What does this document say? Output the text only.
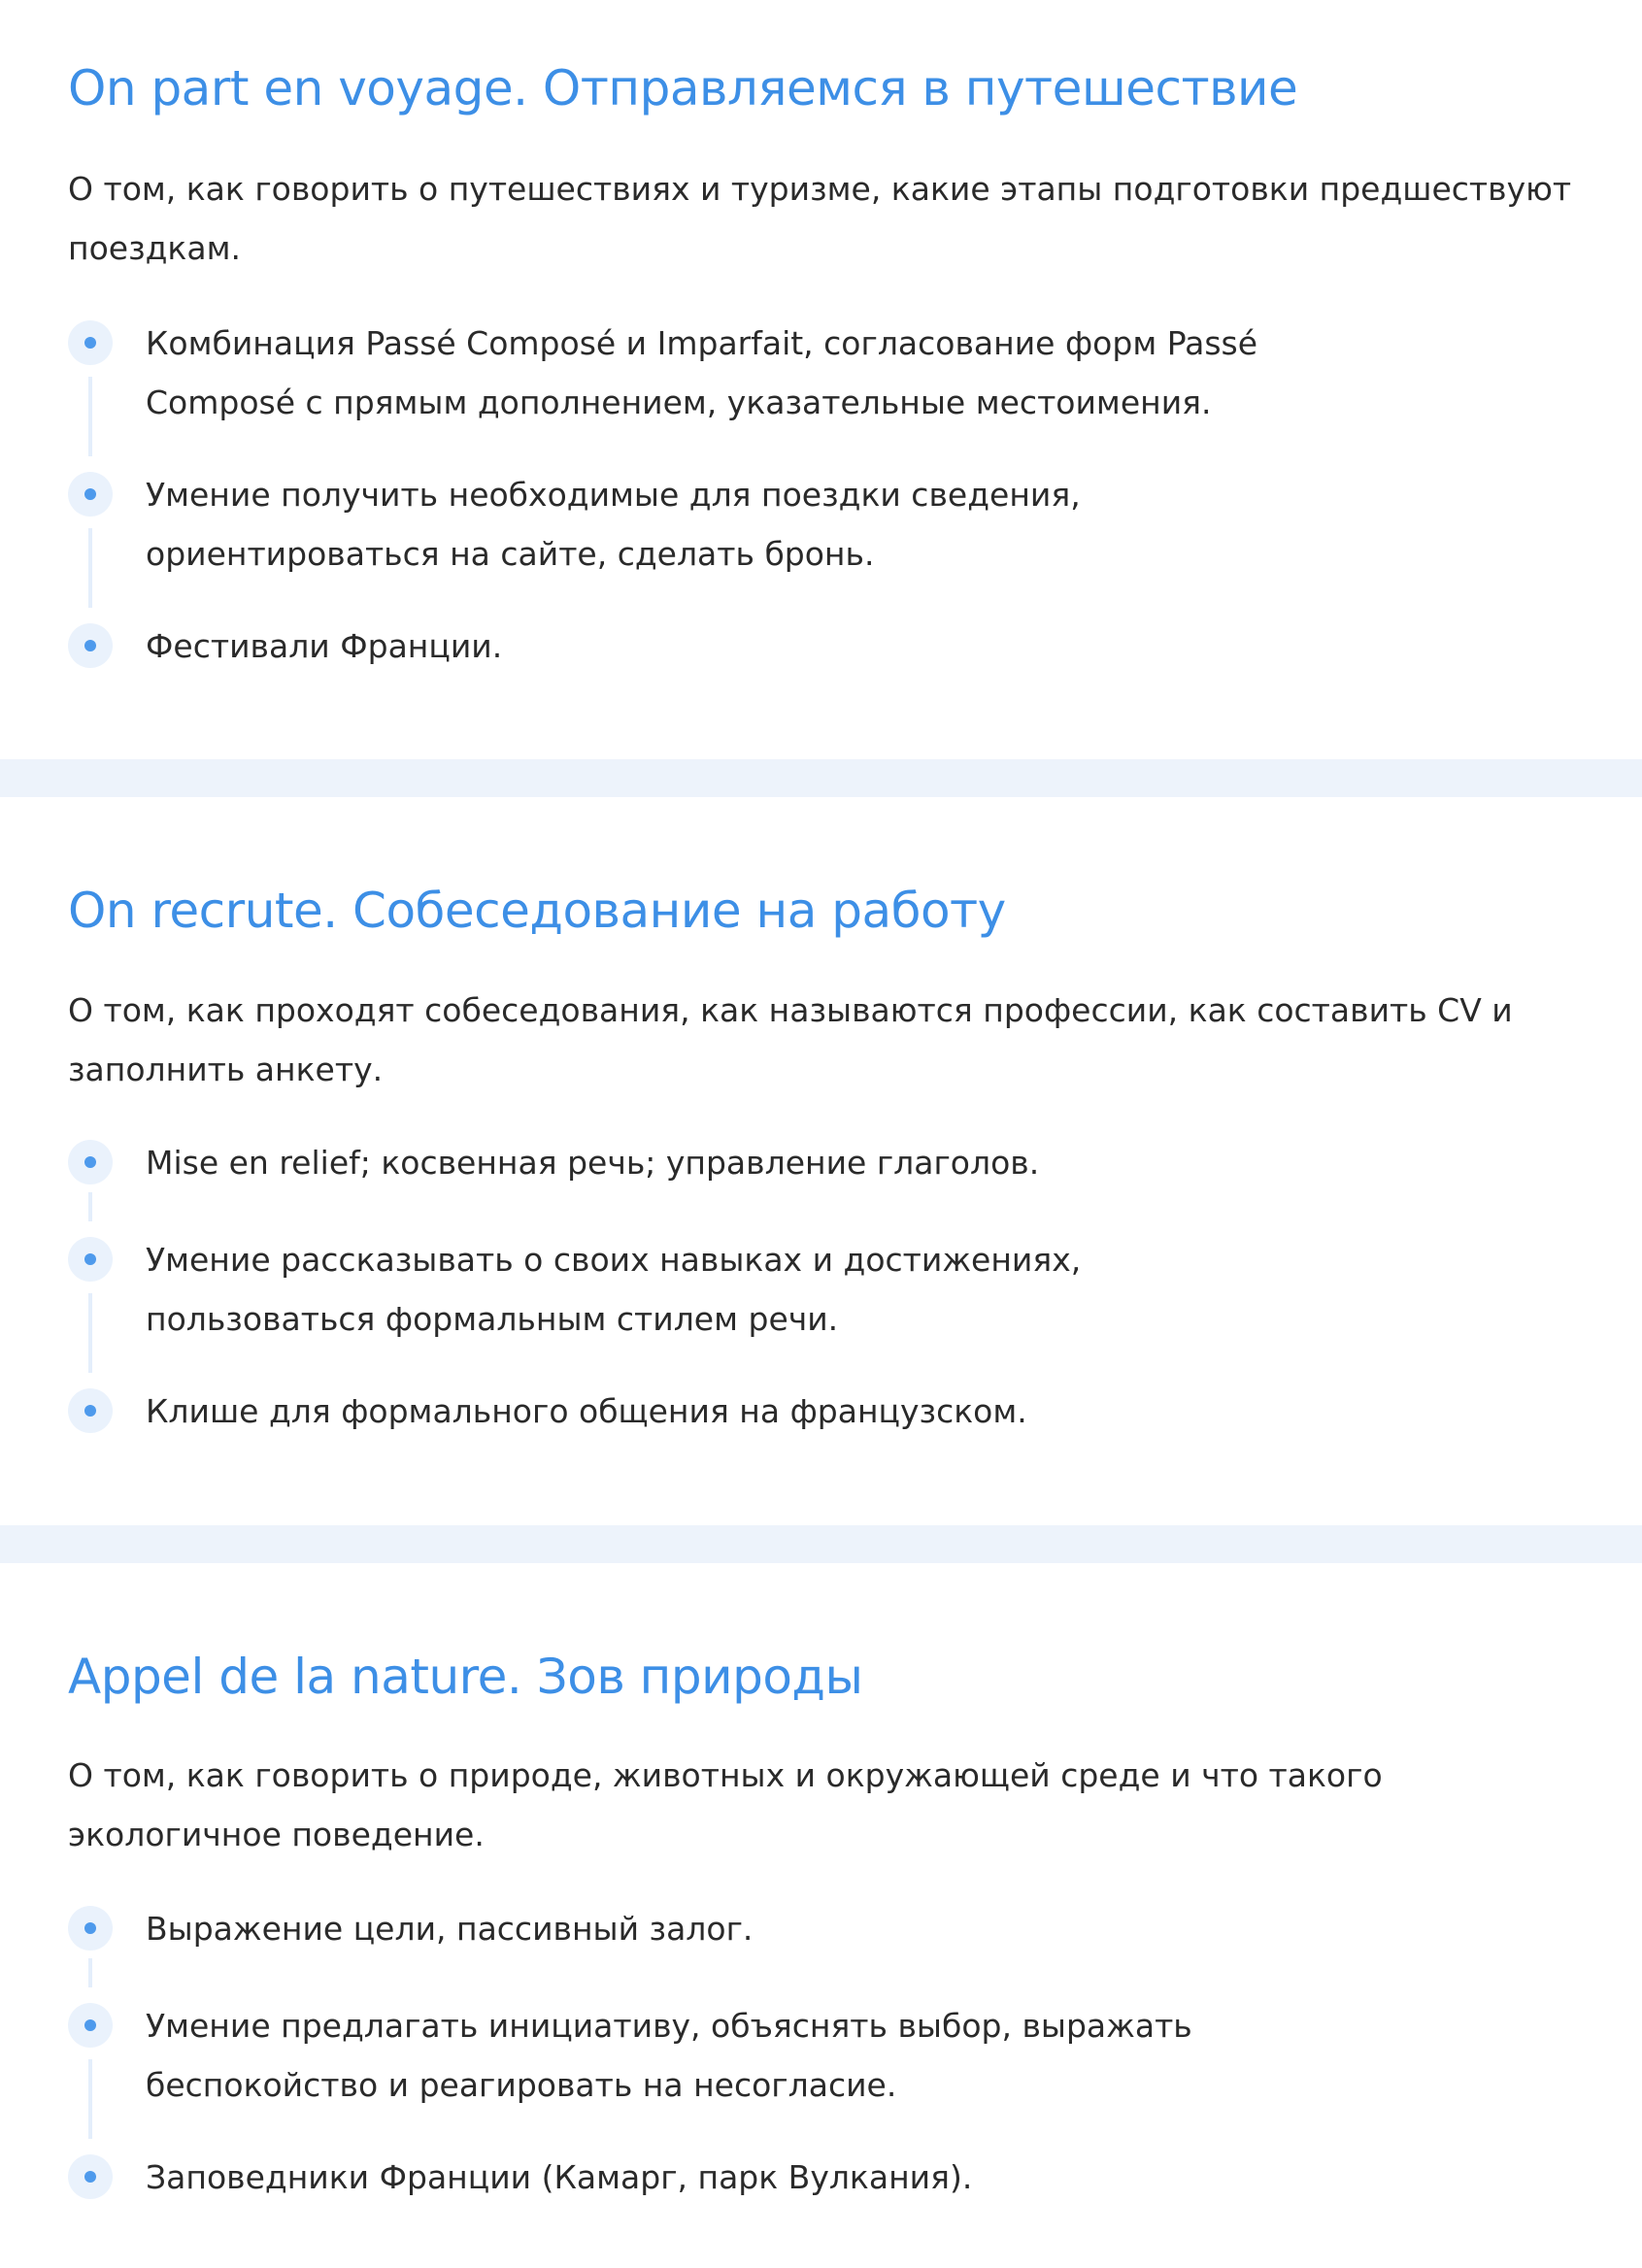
On part en voyage. Отправляемся в путешествие

О том, как говорить о путешествиях и туризме, какие этапы подготовки предшествуют
поездкам.

Комбинация Passé Composé и Imparfait, согласование форм Passé
Composé с прямым дополнением, указательные местоимения.
Умение получить необходимые для поездки сведения,
ориентироваться на сайте, сделать бронь.
Фестивали Франции.
On recrute. Собеседование на работу

О том, как проходят собеседования, как называются профессии, как составить CV и
заполнить анкету.

Mise en relief; косвенная речь; управление глаголов.
Умение рассказывать о своих навыках и достижениях,
пользоваться формальным стилем речи.
Клише для формального общения на французском.
Appel de la nature. Зов природы

О том, как говорить о природе, животных и окружающей среде и что такого
экологичное поведение.

Выражение цели, пассивный залог.
Умение предлагать инициативу, объяснять выбор, выражать
беспокойство и реагировать на несогласие.
Заповедники Франции (Камарг, парк Вулкания).
